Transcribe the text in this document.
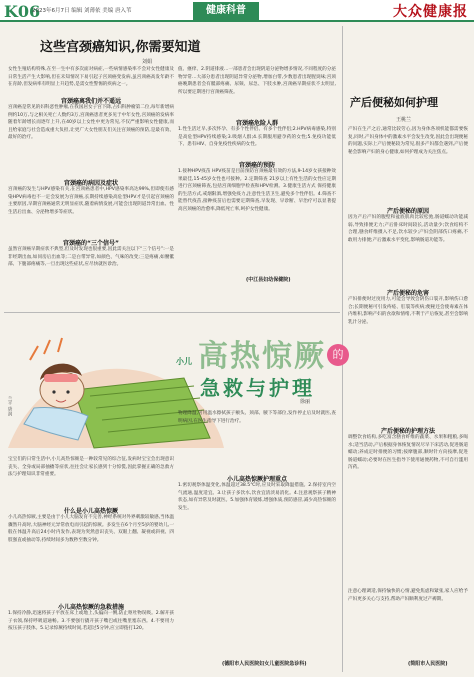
K06
2023年6月7日 编辑 刘薄依 美编 唐入苇	健康科普	大众健康报
这些宫颈癌知识,你需要知道
刘娟
女性生殖结构特殊,在至一生中有多次面对病症,一些病情感染率不会对女性健康及日常生活产生大影响,但在未知情况下易引起子宫颈癌变发病,虽宫颈癌高发年龄不在育龄,但发病率有明显上升趋势,是需女性警惕的疾病之一。
宫颈癌离我们并不遥远
宫颈癌是常见的妇科恶性肿瘤,在我国居女子宫下降,占妇科肿瘤第二位,每年新增病例约10万,与之相关死亡人数约3万,宫颈癌患者更多见于中年女性,宫颈癌的发病率随着年龄增长而逐年上升,在40岁以上女性中更为常见,不仅严重影响女性健康,而且给家庭与社会造成重大负担,让更广大女性朋友们关注宫颈癌的预防,是最有效、最好的治疗。
宫颈癌的病因及症状
宫颈癌的发生与HPV感染有关,在宫颈癌患者中,HPV感染率高达99%,但即使有感染HPV病毒也不一定会发展为宫颈癌,长期持续感染高危型HPV才是引起宫颈癌的主要原因,早期宫颈癌通常无明显症状,随着病情发展,可能会出现阴道异常出血、性生活后出血、分泌物增多等症状。
宫颈癌的“三个信号”
虽然宫颈癌早期症状不典型,但及时发现也很重要,因此需关注以下“三个信号”:一是非经期出血,如同房后出血等;二是白带异常,如颜色、气味的改变;三是疼痛,如腰骶部、下腹部疼痛等,一旦出现这些症状,应尽快就医诊治。
值、瘙痒、2.阴道排液…一部患者会出现阴道分泌物增多情况,不同程度的分泌物异常…大部分患者出现阴道异常分泌物,增加白带,少数患者出现腥臭味;宫颈癌晚期患者会有骶部疼痛、尿频、尿急、下肢水肿,宫颈癌早期症状不太明显,所以要定期进行宫颈癌筛查。
宫颈癌危险人群
1.性生活过早,多次怀孕、有多个性伴侣、有多个性伴侣;2.HPV病毒感染,特别是高危型HPV持续感染;3.吸烟人群;4.长期服用避孕药的女性;5.免疫功能低下、患有HIV、自身免疫性疾病的女性。
宫颈癌的预防
1.接种HPV疫苗 HPV疫苗是目前预防宫颈癌最有效的方法,9-14岁女孩接种效果最佳,15-45岁女性也可接种。2.定期筛查 21岁以上有性生活的女性应定期进行宫颈癌筛查,包括宫颈细胞学检查和HPV检测。3.健康生活方式 保持健康的生活方式,戒烟限酒,增强免疫力,注意性生活卫生,避免多个性伴侣。4.筛查不能替代疫苗,接种疫苗后也需要定期筛查,早发现、早诊断、早治疗可以显著提高宫颈癌的治愈率,降低死亡率,呵护女性健康。
(中江县妇幼保健院)
兰平 唐润
小儿 高热惊厥 的
急救与护理
徐丽
宝宝们的日常生活中,小儿高热惊厥是一种较常见的综合征,发病时宝宝会出现意识丧失、全身或局部抽搐等症状,往往会让家长感到十分惊慌,因此掌握正确的急救方法与护理知识非常重要。
什么是小儿高热惊厥
小儿高热惊厥,主要是由于小儿大脑发育不完善,神经系统对外界刺激较敏感,当体温骤然升高时,大脑神经元异常放电而引起的惊厥。多发生在6个月至5岁的婴幼儿,一般在体温升高后24小时内发作,表现为突然意识丧失、双眼上翻、凝视或斜视、四肢强直或抽动等,持续时间多为数秒至数分钟。
小儿高热惊厥的急救措施
1.保持冷静,迅速将孩子平放在床上或地上,头偏向一侧,防止呕吐物误吸。2.解开孩子衣领,保持呼吸道通畅。3.不要强行撬开孩子嘴巴或往嘴里塞东西。4.不要用力按压孩子肢体。5.记录惊厥持续时间,若超过5分钟,应立即拨打120。
物理降温,可用温水擦拭孩子额头、颈部、腋下等部位,发作停止后及时就医,查明病因,在医生指导下进行治疗。
小儿高热惊厥护理重点
1.密切观察体温变化,体温超过38.5℃时,应及时采取降温措施。2.保持室内空气流通,温度适宜。3.让孩子多饮水,饮食宜清淡易消化。4.注意观察孩子精神状态,如有异常及时就医。5.加强体育锻炼,增强体质,预防感冒,减少高热惊厥的发生。
(德阳市人民医院妇女儿童医院急诊科)
产后便秘如何护理
王桃兰
产妇在生产之后,通常比较劳心,因为身体各项机能都需要恢复,同时,产妇身体中的激素水平会发生改变,因此会出现便秘的问题,实际上产后便秘较为常见,很多产妇都会遇到,产后便秘会影响产妇的身心健康,如何护理成为关注焦点。
产后便秘的原因
因为产后产妇的腹壁和盆底肌肉比较松弛,肠道蠕动功能减弱,导致排便无力;产后卧床时间较长,活动量少;饮食结构不合理,膳食纤维摄入不足,饮水较少;产妇会阴部伤口疼痛,不敢用力排便;产后激素水平变化,影响肠道功能等。
产后便秘的危害
产妇排便时过度用力,可能会导致会阴伤口裂开,影响伤口愈合;长期便秘可引发痔疮、肛裂等疾病;便秘还会使毒素在体内堆积,影响产妇的食欲和情绪,不利于产后恢复,甚至会影响乳汁分泌。
产后便秘的护理方法
调整饮食结构,多吃富含膳食纤维的蔬菜、水果和粗粮,多喝水;适当活动,产后根据身体恢复情况尽早下床活动,促进肠道蠕动;养成定时排便的习惯;按摩腹部,顺时针方向按摩,促进肠道蠕动;必要时在医生指导下使用通便药物,不可自行滥用泻药。
注意心理调适,保持愉快的心情,避免焦虑和紧张,家人应给予产妇更多关心与支持,帮助产妇顺利度过产褥期。
(简阳市人民医院)
